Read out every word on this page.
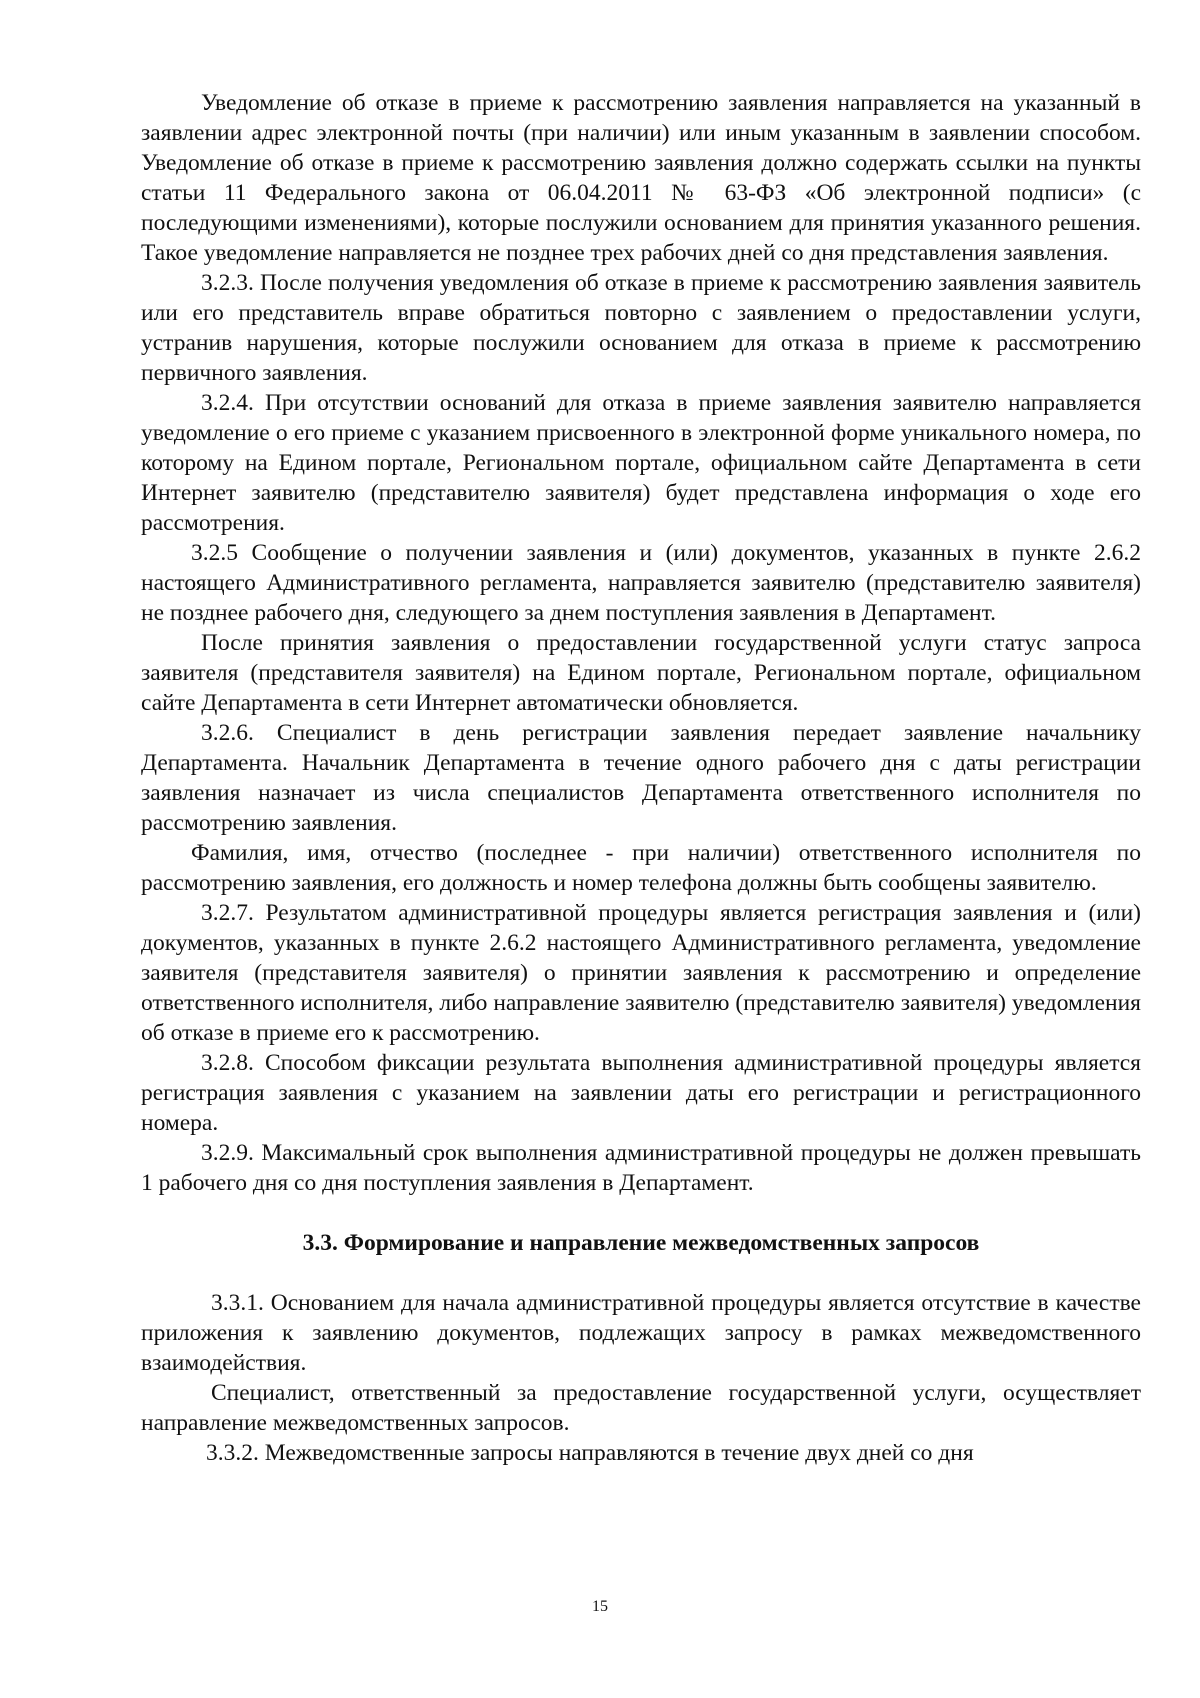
Уведомление об отказе в приеме к рассмотрению заявления направляется на указанный в заявлении адрес электронной почты (при наличии) или иным указанным в заявлении способом. Уведомление об отказе в приеме к рассмотрению заявления должно содержать ссылки на пункты статьи 11 Федерального закона от 06.04.2011 № 63-ФЗ «Об электронной подписи» (с последующими изменениями), которые послужили основанием для принятия указанного решения. Такое уведомление направляется не позднее трех рабочих дней со дня представления заявления.

3.2.3. После получения уведомления об отказе в приеме к рассмотрению заявления заявитель или его представитель вправе обратиться повторно с заявлением о предоставлении услуги, устранив нарушения, которые послужили основанием для отказа в приеме к рассмотрению первичного заявления.

3.2.4. При отсутствии оснований для отказа в приеме заявления заявителю направляется уведомление о его приеме с указанием присвоенного в электронной форме уникального номера, по которому на Едином портале, Региональном портале, официальном сайте Департамента в сети Интернет заявителю (представителю заявителя) будет представлена информация о ходе его рассмотрения.

3.2.5 Сообщение о получении заявления и (или) документов, указанных в пункте 2.6.2 настоящего Административного регламента, направляется заявителю (представителю заявителя) не позднее рабочего дня, следующего за днем поступления заявления в Департамент.

После принятия заявления о предоставлении государственной услуги статус запроса заявителя (представителя заявителя) на Едином портале, Региональном портале, официальном сайте Департамента в сети Интернет автоматически обновляется.

3.2.6. Специалист в день регистрации заявления передает заявление начальнику Департамента. Начальник Департамента в течение одного рабочего дня с даты регистрации заявления назначает из числа специалистов Департамента ответственного исполнителя по рассмотрению заявления.

Фамилия, имя, отчество (последнее - при наличии) ответственного исполнителя по рассмотрению заявления, его должность и номер телефона должны быть сообщены заявителю.

3.2.7. Результатом административной процедуры является регистрация заявления и (или) документов, указанных в пункте 2.6.2 настоящего Административного регламента, уведомление заявителя (представителя заявителя) о принятии заявления к рассмотрению и определение ответственного исполнителя, либо направление заявителю (представителю заявителя) уведомления об отказе в приеме его к рассмотрению.

3.2.8. Способом фиксации результата выполнения административной процедуры является регистрация заявления с указанием на заявлении даты его регистрации и регистрационного номера.

3.2.9. Максимальный срок выполнения административной процедуры не должен превышать 1 рабочего дня со дня поступления заявления в Департамент.

3.3. Формирование и направление межведомственных запросов

3.3.1. Основанием для начала административной процедуры является отсутствие в качестве приложения к заявлению документов, подлежащих запросу в рамках межведомственного взаимодействия.

Специалист, ответственный за предоставление государственной услуги, осуществляет направление межведомственных запросов.

3.3.2. Межведомственные запросы направляются в течение двух дней со дня

15
